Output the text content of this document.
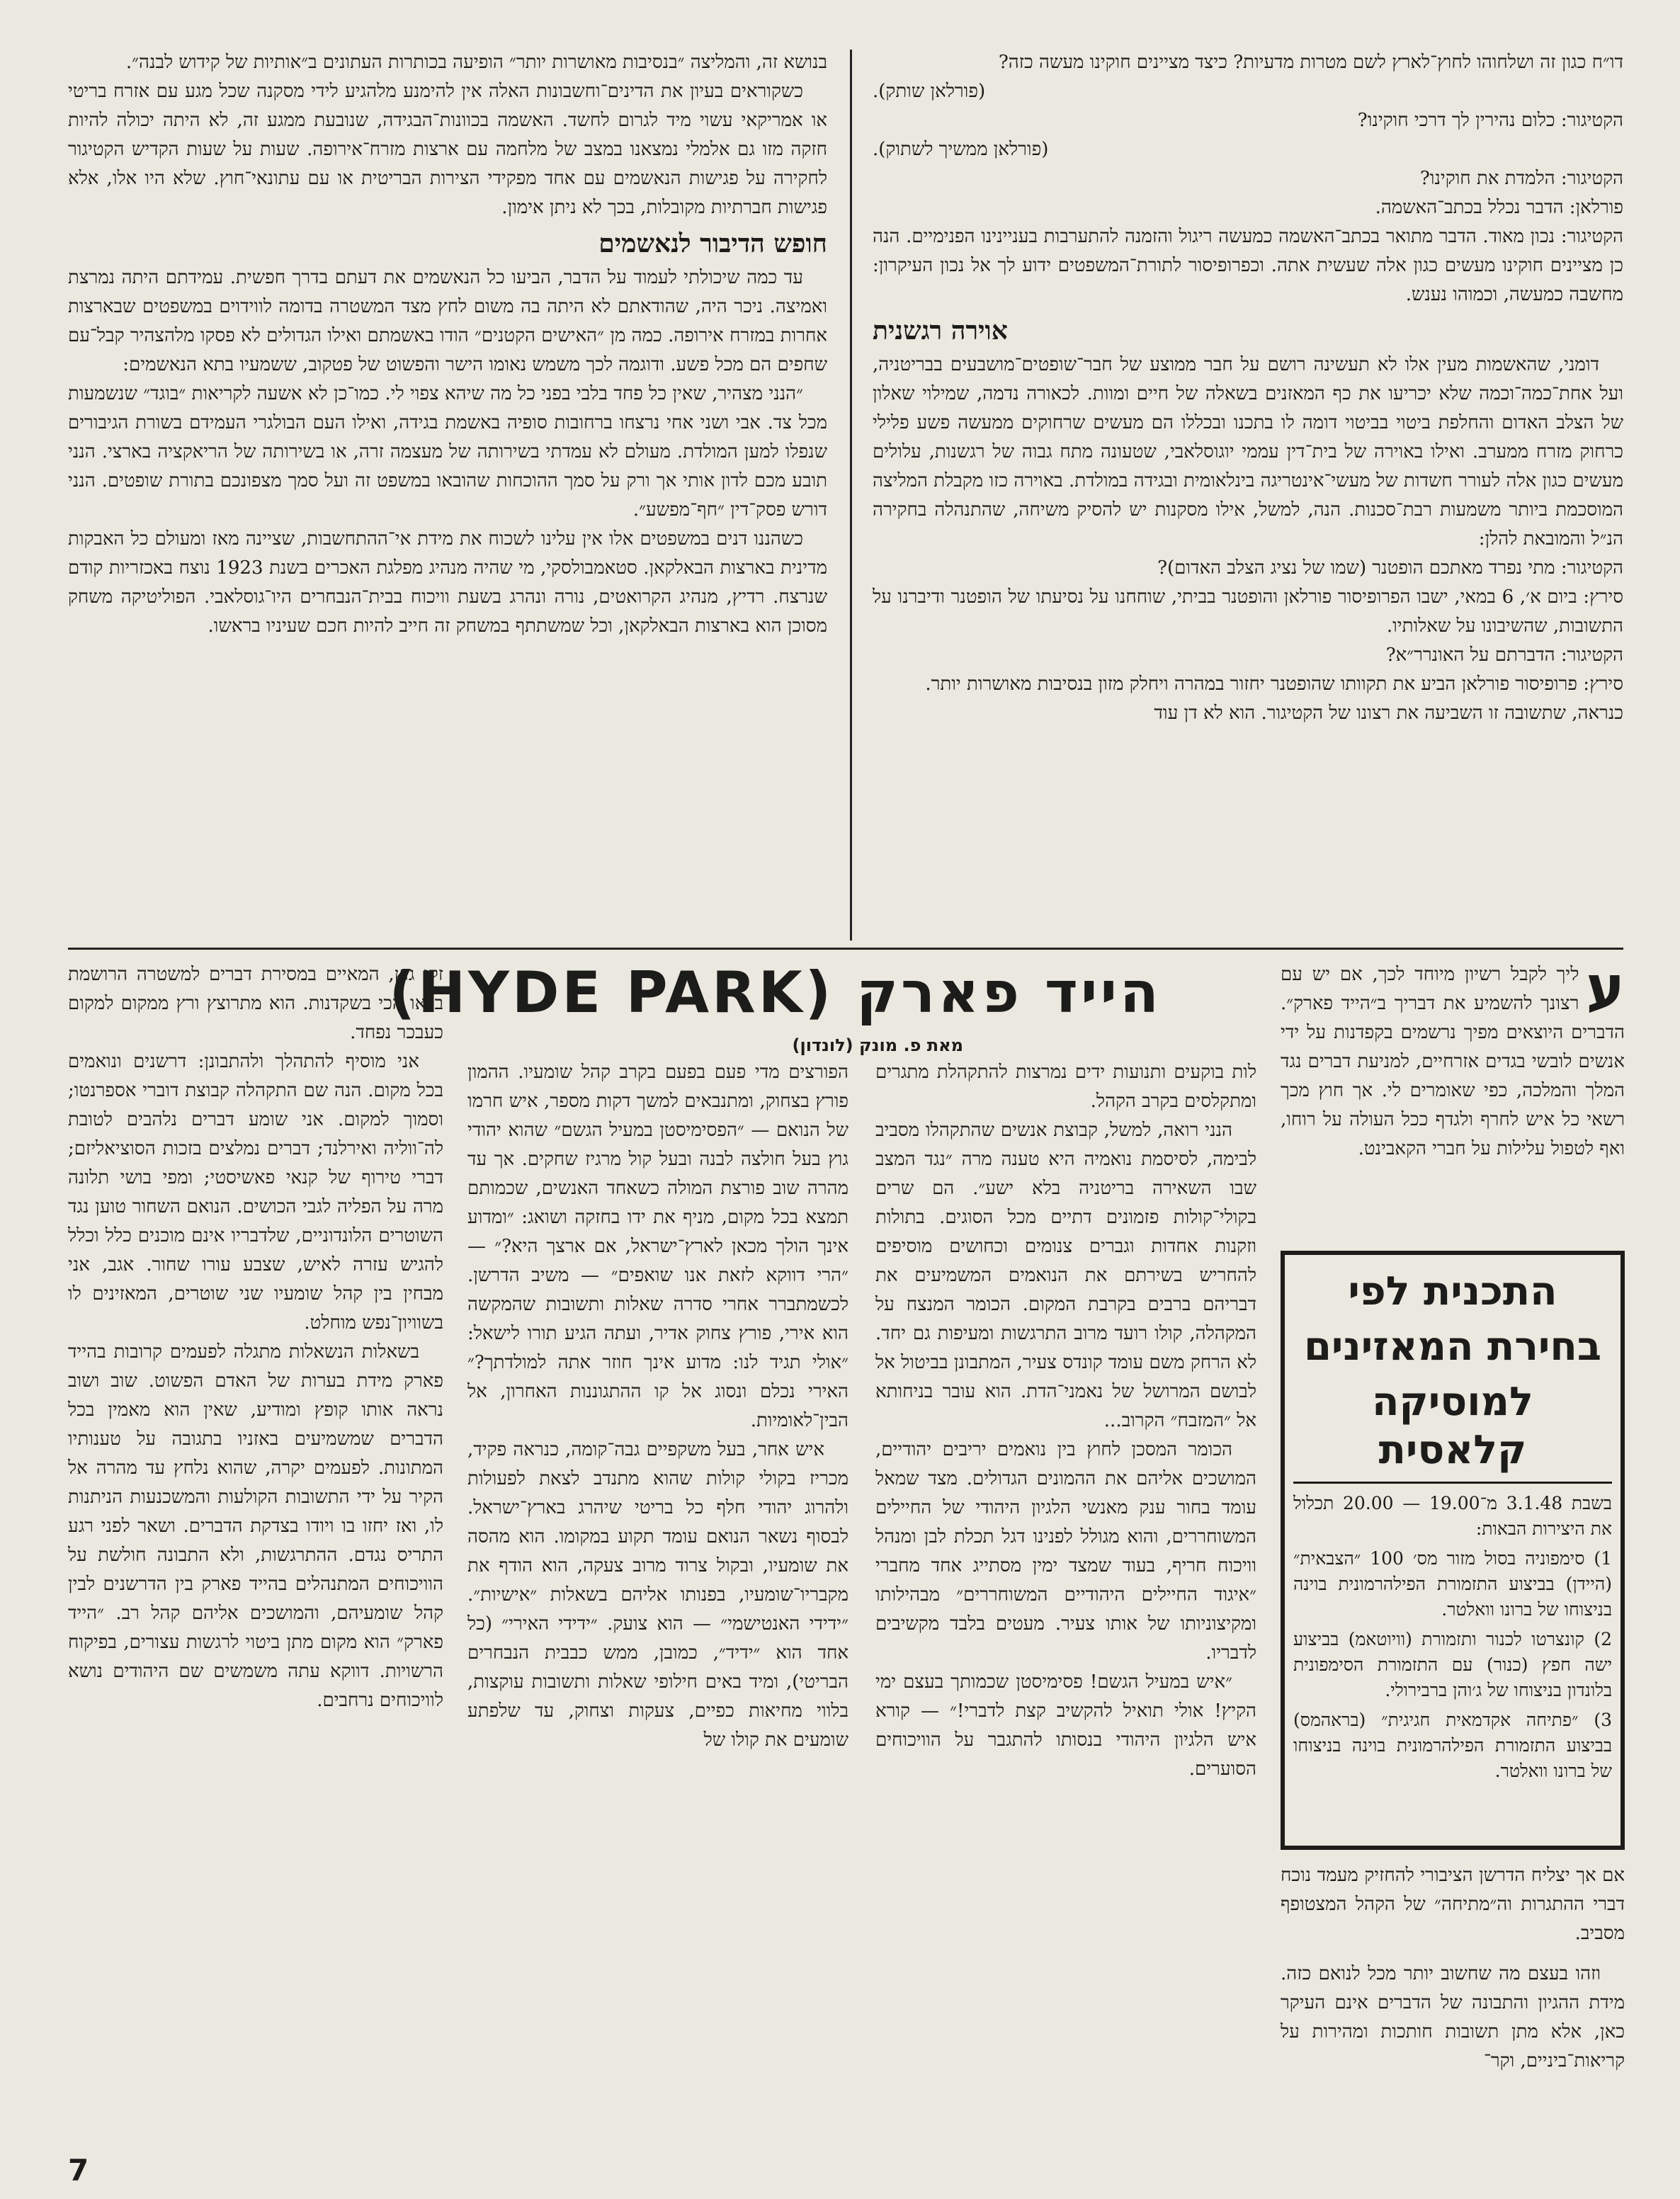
דו״ח כגון זה ושלחוהו לחוץ־לארץ לשם מטרות מדעיות? כיצד מציינים חוקינו מעשה כזה?

(פורלאן שותק).

הקטיגור: כלום נהירין לך דרכי חוקינו?

(פורלאן ממשיך לשתוק).

הקטיגור: הלמדת את חוקינו?

פורלאן: הדבר נכלל בכתב־האשמה.

הקטיגור: נכון מאוד. הדבר מתואר בכתב־האשמה כמעשה ריגול והזמנה להתערבות בעניינינו הפנימיים. הנה כן מציינים חוקינו מעשים כגון אלה שעשית אתה. וכפרופיסור לתורת־המשפטים ידוע לך אל נכון העיקרון: מחשבה כמעשה, וכמוהו נענש.

אוירה רגשנית

דומני, שהאשמות מעין אלו לא תעשינה רושם על חבר ממוצע של חבר־שופטים־מושבעים בבריטניה, ועל אחת־כמה־וכמה שלא יכריעו את כף המאזנים בשאלה של חיים ומוות. לכאורה נדמה, שמילוי שאלון של הצלב האדום והחלפת ביטוי בביטוי דומה לו בתכנו ובכללו הם מעשים שרחוקים ממעשה פשע פלילי כרחוק מזרח ממערב. ואילו באוירה של בית־דין עממי יוגוסלאבי, שטעונה מתח גבוה של רגשנות, עלולים מעשים כגון אלה לעורר חשדות של מעשי־אינטריגה בינלאומית ובגידה במולדת. באוירה כזו מקבלת המליצה המוסכמת ביותר משמעות רבת־סכנות. הנה, למשל, אילו מסקנות יש להסיק משיחה, שהתנהלה בחקירה הנ״ל והמובאת להלן:

הקטיגור: מתי נפרד מאתכם הופטנר (שמו של נציג הצלב האדום)?

סירץ: ביום א׳, 6 במאי, ישבו הפרופיסור פורלאן והופטנר בביתי, שוחחנו על נסיעתו של הופטנר ודיברנו על התשובות, שהשיבונו על שאלותיו.

הקטיגור: הדברתם על האונרר״א?

סירץ: פרופיסור פורלאן הביע את תקוותו שהופטנר יחזור במהרה ויחלק מזון בנסיבות מאושרות יותר.

כנראה, שתשובה זו השביעה את רצונו של הקטיגור. הוא לא דן עוד

בנושא זה, והמליצה ״בנסיבות מאושרות יותר״ הופיעה בכותרות העתונים ב״אותיות של קידוש לבנה״.

כשקוראים בעיון את הדינים־וחשבונות האלה אין להימנע מלהגיע לידי מסקנה שכל מגע עם אזרח בריטי או אמריקאי עשוי מיד לגרום לחשד. האשמה בכוונות־הבגידה, שנובעת ממגע זה, לא היתה יכולה להיות חזקה מזו גם אלמלי נמצאנו במצב של מלחמה עם ארצות מזרח־אירופה. שעות על שעות הקדיש הקטיגור לחקירה על פגישות הנאשמים עם אחד מפקידי הצירות הבריטית או עם עתונאי־חוץ. שלא היו אלו, אלא פגישות חברתיות מקובלות, בכך לא ניתן אימון.

חופש הדיבור לנאשמים

עד כמה שיכולתי לעמוד על הדבר, הביעו כל הנאשמים את דעתם בדרך חפשית. עמידתם היתה נמרצת ואמיצה. ניכר היה, שהודאתם לא היתה בה משום לחץ מצד המשטרה בדומה לווידוים במשפטים שבארצות אחרות במזרח אירופה. כמה מן ״האישים הקטנים״ הודו באשמתם ואילו הגדולים לא פסקו מלהצהיר קבל־עם שחפים הם מכל פשע. ודוגמה לכך משמש נאומו הישר והפשוט של פטקוב, ששמעיו בתא הנאשמים:

״הנני מצהיר, שאין כל פחד בלבי בפני כל מה שיהא צפוי לי. כמו־כן לא אשעה לקריאות ״בוגד״ שנשמעות מכל צד. אבי ושני אחי נרצחו ברחובות סופיה באשמת בגידה, ואילו העם הבולגרי העמידם בשורת הגיבורים שנפלו למען המולדת. מעולם לא עמדתי בשירותה של מעצמה זרה, או בשירותה של הריאקציה בארצי. הנני תובע מכם לדון אותי אך ורק על סמך ההוכחות שהובאו במשפט זה ועל סמך מצפונכם בתורת שופטים. הנני דורש פסק־דין ״חף־מפשע״.

כשהננו דנים במשפטים אלו אין עלינו לשכוח את מידת אי־ההתחשבות, שציינה מאז ומעולם כל האבקות מדינית בארצות הבאלקאן. סטאמבולסקי, מי שהיה מנהיג מפלגת האכרים בשנת 1923 נוצח באכזריות קודם שנרצח. רדיץ, מנהיג הקרואטים, נורה ונהרג בשעת וויכוח בבית־הנבחרים היו־גוסלאבי. הפוליטיקה משחק מסוכן הוא בארצות הבאלקאן, וכל שמשתתף במשחק זה חייב להיות חכם שעיניו בראשו.

הייד פארק (HYDE PARK)
מאת פ. מונק (לונדון)

ע
ליך לקבל רשיון מיוחד לכך, אם יש עם רצונך להשמיע את דבריך ב״הייד פארק״. הדברים היוצאים מפיך נרשמים בקפדנות על ידי אנשים לובשי בגדים אזרחיים, למניעת דברים נגד המלך והמלכה, כפי שאומרים לי. אך חוץ מכך רשאי כל איש לחרף ולגדף ככל העולה על רוחו, ואף לטפול עלילות על חברי הקאבינט.

התכנית לפי
בחירת המאזינים
למוסיקה קלאסית
בשבת 3.1.48 מ־19.00 — 20.00 תכלול את היצירות הבאות:
1) סימפוניה בסול מזור מס׳ 100 ״הצבאית״ (היידן) בביצוע התזמורת הפילהרמונית בוינה בניצוחו של ברונו וואלטר.
2) קונצרטו לכנור ותזמורת (וויוטאמ) בביצוע ישה חפץ (כנור) עם התזמורת הסימפונית בלונדון בניצוחו של ג׳והן ברבירולי.
3) ״פתיחה אקדמאית חגיגית״ (בראהמס) בביצוע התזמורת הפילהרמונית בוינה בניצוחו של ברונו וואלטר.

אם אך יצליח הדרשן הציבורי להחזיק מעמד נוכח דברי ההתגרות וה״מתיחה״ של הקהל המצטופף מסביב.

וזהו בעצם מה שחשוב יותר מכל לנואם כזה. מידת ההגיון והתבונה של הדברים אינם העיקר כאן, אלא מתן תשובות חותכות ומהירות על קריאות־ביניים, וקר־

לות בוקעים ותנועות ידים נמרצות להתקהלת מתגרים ומתקלסים בקרב הקהל.

הנני רואה, למשל, קבוצת אנשים שהתקהלו מסביב לבימה, לסיסמת נואמיה היא טענה מרה ״נגד המצב שבו השאירה בריטניה בלא ישע״. הם שרים בקולי־קולות פזמונים דתיים מכל הסוגים. בתולות וזקנות אחדות וגברים צנומים וכחושים מוסיפים להחריש בשירתם את הנואמים המשמיעים את דבריהם ברבים בקרבת המקום. הכומר המנצח על המקהלה, קולו רועד מרוב התרגשות ומעיפות גם יחד. לא הרחק משם עומד קונדס צעיר, המתבונן בביטול אל לבושם המרושל של נאמני־הדת. הוא עובר בניחותא אל ״המזבח״ הקרוב...

הכומר המסכן לחוץ בין נואמים יריבים יהודיים, המושכים אליהם את ההמונים הגדולים. מצד שמאל עומד בחור ענק מאנשי הלגיון היהודי של החיילים המשוחררים, והוא מגולל לפנינו דגל תכלת לבן ומנהל וויכוח חריף, בעוד שמצד ימין מסתייג אחד מחברי ״איגוד החיילים היהודיים המשוחררים״ מבהילותו ומקיצוניותו של אותו צעיר. מעטים בלבד מקשיבים לדבריו.

״איש במעיל הגשם! פסימיסטן שכמותך בעצם ימי הקיץ! אולי תואיל להקשיב קצת לדברי!״ — קורא איש הלגיון היהודי בנסותו להתגבר על הוויכוחים הסוערים.

הפורצים מדי פעם בפעם בקרב קהל שומעיו. ההמון פורץ בצחוק, ומתנבאים למשך דקות מספר, איש חרמו של הנואם — ״הפסימיסטן במעיל הגשם״ שהוא יהודי גוץ בעל חולצה לבנה ובעל קול מרגיז שחקים. אך עד מהרה שוב פורצת המולה כשאחד האנשים, שכמותם תמצא בכל מקום, מניף את ידו בחזקה ושואג: ״ומדוע אינך הולך מכאן לארץ־ישראל, אם ארצך היא?״ — ״הרי דווקא לזאת אנו שואפים״ — משיב הדרשן. לכשמתברר אחרי סדרה שאלות ותשובות שהמקשה הוא אירי, פורץ צחוק אדיר, ועתה הגיע תורו לישאל: ״אולי תגיד לנו: מדוע אינך חוזר אתה למולדתך?״ האירי נכלם ונסוג אל קו ההתגוננות האחרון, אל הבין־לאומיות.

איש אחר, בעל משקפיים גבה־קומה, כנראה פקיד, מכריז בקולי קולות שהוא מתנדב לצאת לפעולות ולהרוג יהודי חלף כל בריטי שיהרג בארץ־ישראל. לבסוף נשאר הנואם עומד תקוע במקומו. הוא מהסה את שומעיו, ובקול צרוד מרוב צעקה, הוא הודף את מקבריו־שומעיו, בפנותו אליהם בשאלות ״אישיות״. ״ידידי האנטישמי״ — הוא צועק. ״ידידי האירי״ (כל אחד הוא ״ידיד״, כמובן, ממש כבבית הנבחרים הבריטי), ומיד באים חילופי שאלות ותשובות עוקצות, בלווי מחיאות כפיים, צעקות וצחוק, עד שלפתע שומעים את קולו של

זקן גוץ, המאיים במסירת דברים למשטרה הרושמת בלאו הכי בשקדנות. הוא מתרוצץ ורץ ממקום למקום כעבכר נפחד.

אני מוסיף להתהלך ולהתבונן: דרשנים ונואמים בכל מקום. הנה שם התקהלה קבוצת דוברי אספרנטו; וסמוך למקום. אני שומע דברים נלהבים לטובת לה־ווליה ואירלנד; דברים נמלצים בזכות הסוציאליזם; דברי טירוף של קנאי פאשיסטי; ומפי בושי תלונה מרה על הפליה לגבי הכושים. הנואם השחור טוען נגד השוטרים הלונדוניים, שלדבריו אינם מוכנים כלל וכלל להגיש עזרה לאיש, שצבע עורו שחור. אגב, אני מבחין בין קהל שומעיו שני שוטרים, המאזינים לו בשוויון־נפש מוחלט.

בשאלות הנשאלות מתגלה לפעמים קרובות בהייד פארק מידת בערות של האדם הפשוט. שוב ושוב נראה אותו קופץ ומודיע, שאין הוא מאמין בכל הדברים שמשמיעים באזניו בתגובה על טענותיו המתונות. לפעמים יקרה, שהוא נלחץ עד מהרה אל הקיר על ידי התשובות הקולעות והמשכנעות הניתנות לו, ואז יחזו בו ויודו בצדקת הדברים. ושאר לפני רגע התריס נגדם. ההתרגשות, ולא התבונה חולשת על הוויכוחים המתנהלים בהייד פארק בין הדרשנים לבין קהל שומעיהם, והמושכים אליהם קהל רב. ״הייד פארק״ הוא מקום מתן ביטוי לרגשות עצורים, בפיקוח הרשויות. דווקא עתה משמשים שם היהודים נושא לוויכוחים נרחבים.

7
